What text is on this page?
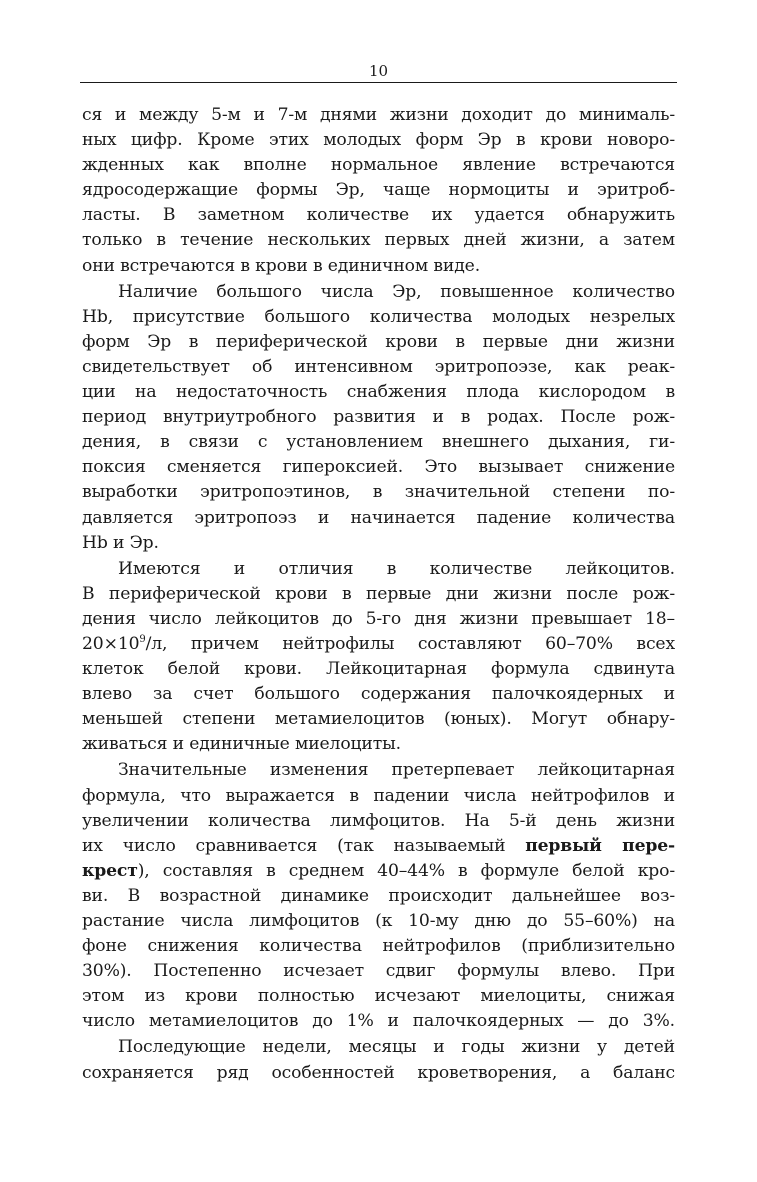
10
ся и между 5-м и 7-м днями жизни доходит до минималь-
ных цифр. Кроме этих молодых форм Эр в крови новоро-
жденных как вполне нормальное явление встречаются
ядросодержащие формы Эр, чаще нормоциты и эритроб-
ласты. В заметном количестве их удается обнаружить
только в течение нескольких первых дней жизни, а затем
они встречаются в крови в единичном виде.
Наличие большого числа Эр, повышенное количество
Hb, присутствие большого количества молодых незрелых
форм Эр в периферической крови в первые дни жизни
свидетельствует об интенсивном эритропоэзе, как реак-
ции на недостаточность снабжения плода кислородом в
период внутриутробного развития и в родах. После рож-
дения, в связи с установлением внешнего дыхания, ги-
поксия сменяется гипероксией. Это вызывает снижение
выработки эритропоэтинов, в значительной степени по-
давляется эритропоэз и начинается падение количества
Hb и Эр.
Имеются и отличия в количестве лейкоцитов.
В периферической крови в первые дни жизни после рож-
дения число лейкоцитов до 5-го дня жизни превышает 18–
$20\times 10^9/л$, причем нейтрофилы составляют 60–70% всех
клеток белой крови. Лейкоцитарная формула сдвинута
влево за счет большого содержания палочкоядерных и
меньшей степени метамиелоцитов (юных). Могут обнару-
живаться и единичные миелоциты.
Значительные изменения претерпевает лейкоцитарная
формула, что выражается в падении числа нейтрофилов и
увеличении количества лимфоцитов. На 5-й день жизни
их число сравнивается (так называемый первый пере-
крест), составляя в среднем 40–44% в формуле белой кро-
ви. В возрастной динамике происходит дальнейшее воз-
растание числа лимфоцитов (к 10-му дню до 55–60%) на
фоне снижения количества нейтрофилов (приблизительно
30%). Постепенно исчезает сдвиг формулы влево. При
этом из крови полностью исчезают миелоциты, снижая
число метамиелоцитов до 1% и палочкоядерных — до 3%.
Последующие недели, месяцы и годы жизни у детей
сохраняется ряд особенностей кроветворения, а баланс
